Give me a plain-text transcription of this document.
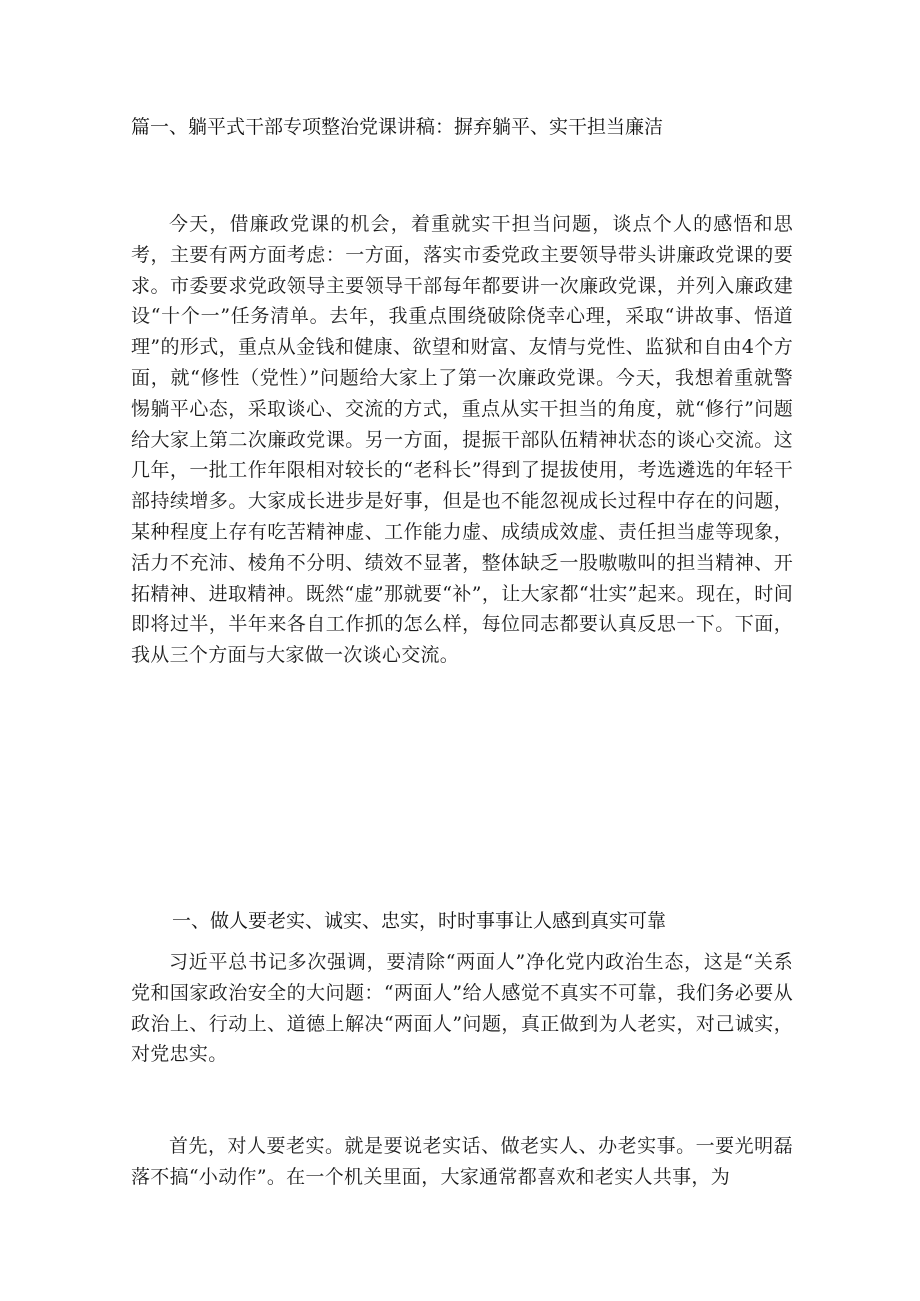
篇一、躺平式干部专项整治党课讲稿：摒弃躺平、实干担当廉洁

今天，借廉政党课的机会，着重就实干担当问题，谈点个人的感悟和思考，主要有两方面考虑：一方面，落实市委党政主要领导带头讲廉政党课的要求。市委要求党政领导主要领导干部每年都要讲一次廉政党课，并列入廉政建设“十个一”任务清单。去年，我重点围绕破除侥幸心理，采取“讲故事、悟道理”的形式，重点从金钱和健康、欲望和财富、友情与党性、监狱和自由4个方面，就“修性（党性）”问题给大家上了第一次廉政党课。今天，我想着重就警惕躺平心态，采取谈心、交流的方式，重点从实干担当的角度，就“修行”问题给大家上第二次廉政党课。另一方面，提振干部队伍精神状态的谈心交流。这几年，一批工作年限相对较长的“老科长”得到了提拔使用，考选遴选的年轻干部持续增多。大家成长进步是好事，但是也不能忽视成长过程中存在的问题，某种程度上存有吃苦精神虚、工作能力虚、成绩成效虚、责任担当虚等现象，活力不充沛、棱角不分明、绩效不显著，整体缺乏一股嗷嗷叫的担当精神、开拓精神、进取精神。既然“虚”那就要“补”，让大家都“壮实”起来。现在，时间即将过半，半年来各自工作抓的怎么样，每位同志都要认真反思一下。下面，我从三个方面与大家做一次谈心交流。

一、做人要老实、诚实、忠实，时时事事让人感到真实可靠

习近平总书记多次强调，要清除“两面人”净化党内政治生态，这是“关系党和国家政治安全的大问题：“两面人”给人感觉不真实不可靠，我们务必要从政治上、行动上、道德上解决“两面人”问题，真正做到为人老实，对己诚实，对党忠实。

首先，对人要老实。就是要说老实话、做老实人、办老实事。一要光明磊落不搞“小动作”。在一个机关里面，大家通常都喜欢和老实人共事，为
